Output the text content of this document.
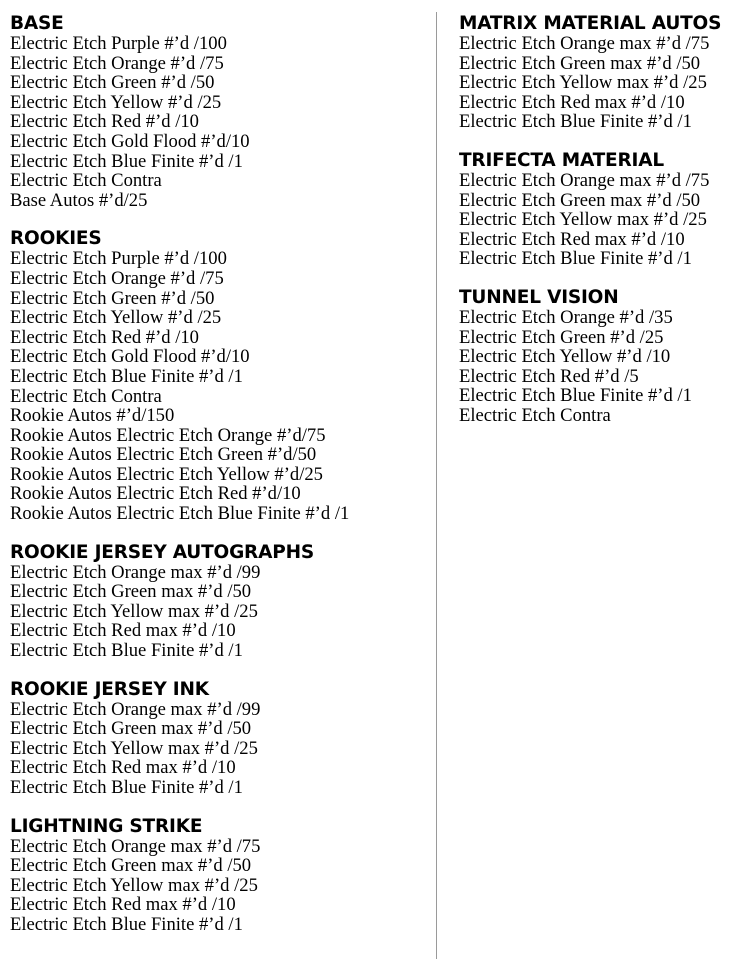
BASE
Electric Etch Purple #’d /100
Electric Etch Orange #’d /75
Electric Etch Green #’d /50
Electric Etch Yellow #’d /25
Electric Etch Red #’d /10
Electric Etch Gold Flood #’d/10
Electric Etch Blue Finite #’d /1
Electric Etch Contra
Base Autos #’d/25
ROOKIES
Electric Etch Purple #’d /100
Electric Etch Orange #’d /75
Electric Etch Green #’d /50
Electric Etch Yellow #’d /25
Electric Etch Red #’d /10
Electric Etch Gold Flood #’d/10
Electric Etch Blue Finite #’d /1
Electric Etch Contra
Rookie Autos #’d/150
Rookie Autos Electric Etch Orange #’d/75
Rookie Autos Electric Etch Green #’d/50
Rookie Autos Electric Etch Yellow #’d/25
Rookie Autos Electric Etch Red #’d/10
Rookie Autos Electric Etch Blue Finite #’d /1
ROOKIE JERSEY AUTOGRAPHS
Electric Etch Orange max #’d /99
Electric Etch Green max #’d /50
Electric Etch Yellow max #’d /25
Electric Etch Red max #’d /10
Electric Etch Blue Finite #’d /1
ROOKIE JERSEY INK
Electric Etch Orange max #’d /99
Electric Etch Green max #’d /50
Electric Etch Yellow max #’d /25
Electric Etch Red max #’d /10
Electric Etch Blue Finite #’d /1
LIGHTNING STRIKE
Electric Etch Orange max #’d /75
Electric Etch Green max #’d /50
Electric Etch Yellow max #’d /25
Electric Etch Red max #’d /10
Electric Etch Blue Finite #’d /1
MATRIX MATERIAL AUTOS
Electric Etch Orange max #’d /75
Electric Etch Green max #’d /50
Electric Etch Yellow max #’d /25
Electric Etch Red max #’d /10
Electric Etch Blue Finite #’d /1
TRIFECTA MATERIAL
Electric Etch Orange max #’d /75
Electric Etch Green max #’d /50
Electric Etch Yellow max #’d /25
Electric Etch Red max #’d /10
Electric Etch Blue Finite #’d /1
TUNNEL VISION
Electric Etch Orange #’d /35
Electric Etch Green #’d /25
Electric Etch Yellow #’d /10
Electric Etch Red #’d /5
Electric Etch Blue Finite #’d /1
Electric Etch Contra
